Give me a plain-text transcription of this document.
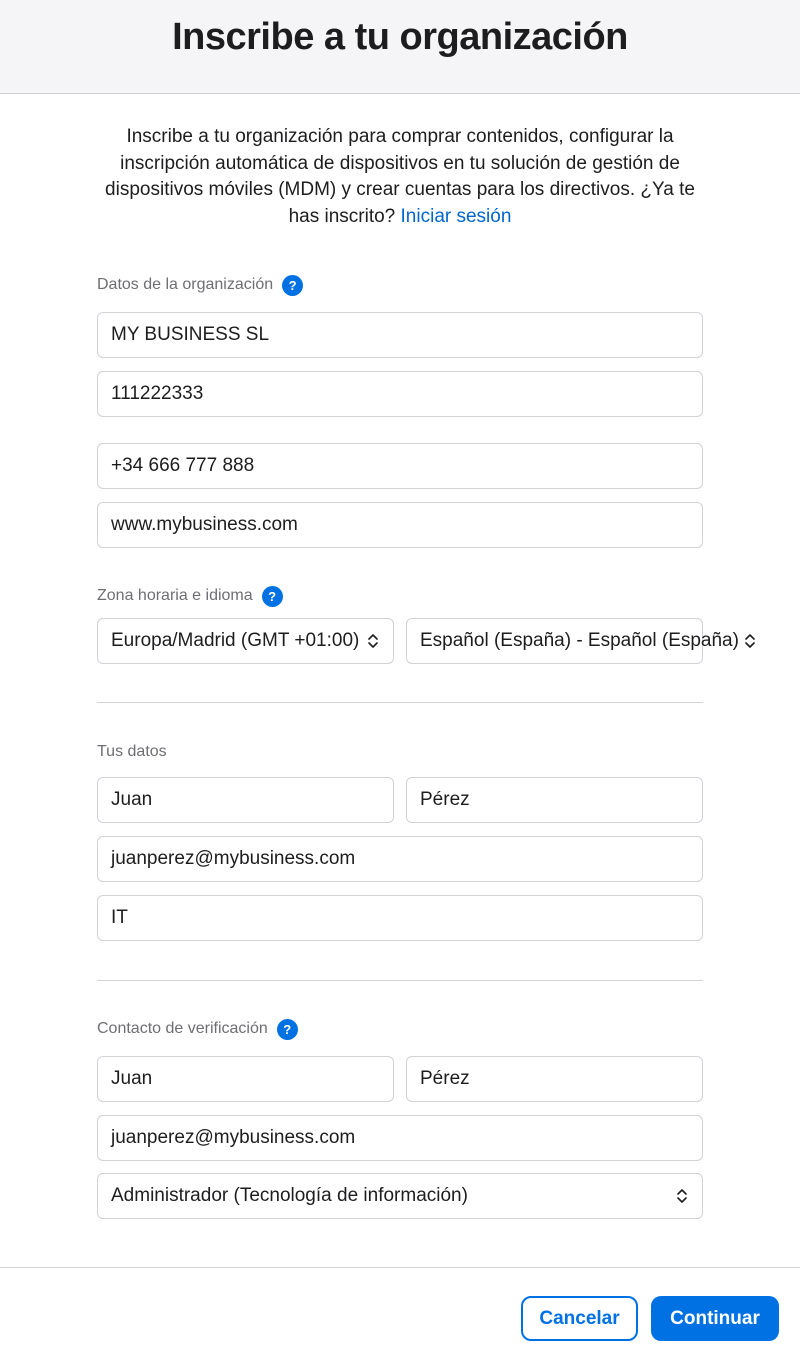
Inscribe a tu organización

Inscribe a tu organización para comprar contenidos, configurar la inscripción automática de dispositivos en tu solución de gestión de dispositivos móviles (MDM) y crear cuentas para los directivos. ¿Ya te has inscrito? Iniciar sesión

Datos de la organización	?
MY BUSINESS SL
111222333
+34 666 777 888
www.mybusiness.com
Zona horaria e idioma	?
Europa/Madrid (GMT +01:00)	Español (España) - Español (España)
Tus datos
Juan	Pérez
juanperez@mybusiness.com
IT
Contacto de verificación	?
Juan	Pérez
juanperez@mybusiness.com
Administrador (Tecnología de información)
Cancelar	Continuar
